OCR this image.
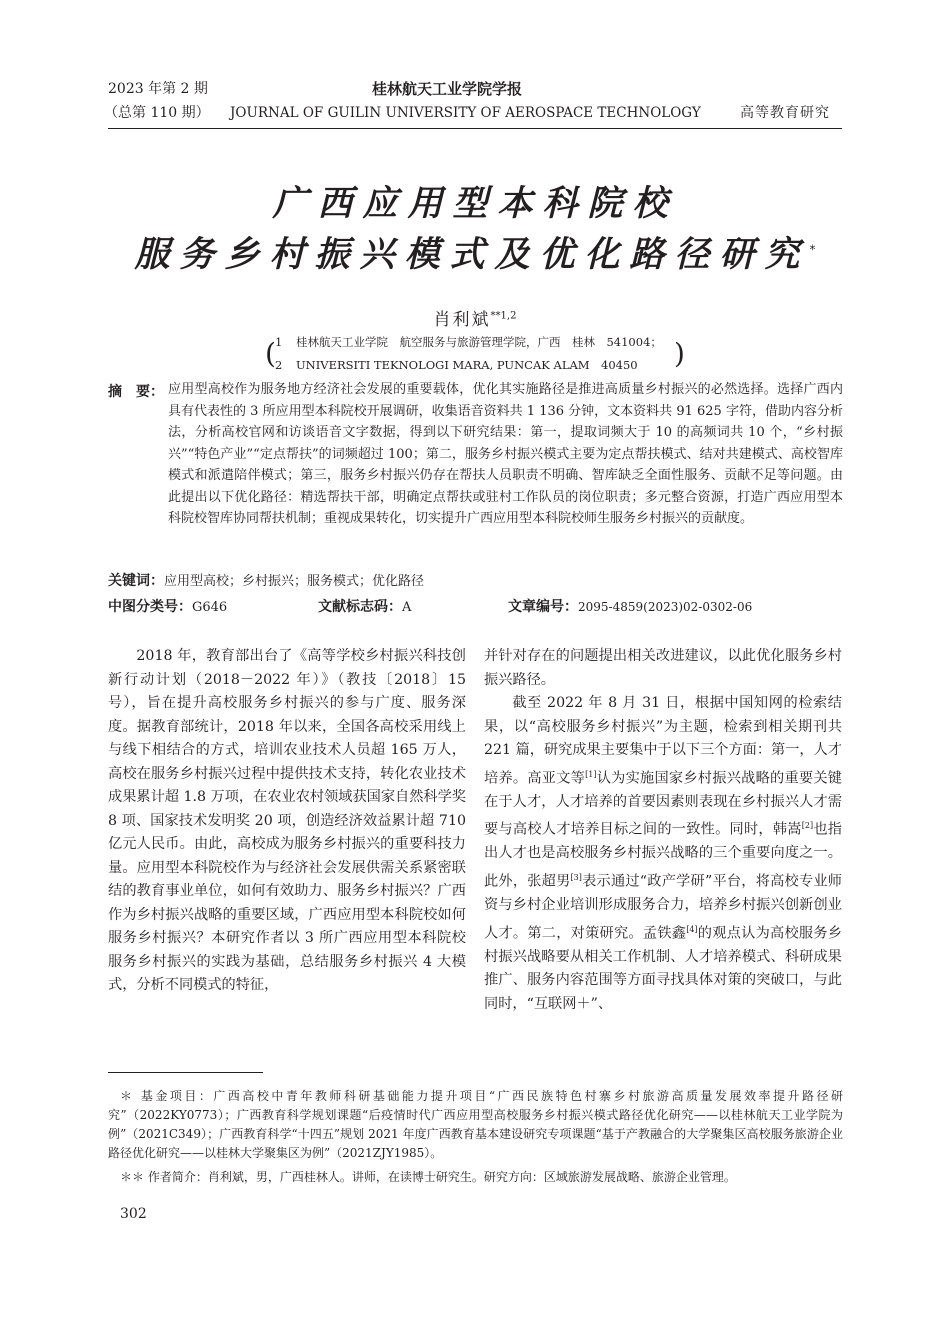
2023 年第 2 期
（总第 110 期）
桂林航天工业学院学报
JOURNAL OF GUILIN UNIVERSITY OF AEROSPACE TECHNOLOGY	高等教育研究
广西应用型本科院校
服务乡村振兴模式及优化路径研究*
肖利斌$^{**1,2}$
( 1 桂林航天工业学院　航空服务与旅游管理学院，广西　桂林　541004；
2 UNIVERSITI TEKNOLOGI MARA, PUNCAK ALAM　40450 )
摘　要： 应用型高校作为服务地方经济社会发展的重要载体，优化其实施路径是推进高质量乡村振兴的必然选择。选择广西内具有代表性的 3 所应用型本科院校开展调研，收集语音资料共 1 136 分钟，文本资料共 91 625 字符，借助内容分析法，分析高校官网和访谈语音文字数据，得到以下研究结果：第一，提取词频大于 10 的高频词共 10 个，“乡村振兴”“特色产业”“定点帮扶”的词频超过 100；第二，服务乡村振兴模式主要为定点帮扶模式、结对共建模式、高校智库模式和派遣陪伴模式；第三，服务乡村振兴仍存在帮扶人员职责不明确、智库缺乏全面性服务、贡献不足等问题。由此提出以下优化路径：精选帮扶干部，明确定点帮扶或驻村工作队员的岗位职责；多元整合资源，打造广西应用型本科院校智库协同帮扶机制；重视成果转化，切实提升广西应用型本科院校师生服务乡村振兴的贡献度。
关键词：应用型高校；乡村振兴；服务模式；优化路径
中图分类号：G646	文献标志码：A	文章编号：2095-4859(2023)02-0302-06

2018 年，教育部出台了《高等学校乡村振兴科技创新行动计划（2018－2022 年）》（教技〔2018〕15 号），旨在提升高校服务乡村振兴的参与广度、服务深度。据教育部统计，2018 年以来，全国各高校采用线上与线下相结合的方式，培训农业技术人员超 165 万人，高校在服务乡村振兴过程中提供技术支持，转化农业技术成果累计超 1.8 万项，在农业农村领域获国家自然科学奖 8 项、国家技术发明奖 20 项，创造经济效益累计超 710 亿元人民币。由此，高校成为服务乡村振兴的重要科技力量。应用型本科院校作为与经济社会发展供需关系紧密联结的教育事业单位，如何有效助力、服务乡村振兴？广西作为乡村振兴战略的重要区域，广西应用型本科院校如何服务乡村振兴？本研究作者以 3 所广西应用型本科院校服务乡村振兴的实践为基础，总结服务乡村振兴 4 大模式，分析不同模式的特征，

并针对存在的问题提出相关改进建议，以此优化服务乡村振兴路径。

截至 2022 年 8 月 31 日，根据中国知网的检索结果，以“高校服务乡村振兴”为主题，检索到相关期刊共 221 篇，研究成果主要集中于以下三个方面：第一，人才培养。高亚文等[1]认为实施国家乡村振兴战略的重要关键在于人才，人才培养的首要因素则表现在乡村振兴人才需要与高校人才培养目标之间的一致性。同时，韩嵩[2]也指出人才也是高校服务乡村振兴战略的三个重要向度之一。此外，张超男[3]表示通过“政产学研”平台，将高校专业师资与乡村企业培训形成服务合力，培养乡村振兴创新创业人才。第二，对策研究。孟铁鑫[4]的观点认为高校服务乡村振兴战略要从相关工作机制、人才培养模式、科研成果推广、服务内容范围等方面寻找具体对策的突破口，与此同时，“互联网＋”、

＊ 基金项目：广西高校中青年教师科研基础能力提升项目“广西民族特色村寨乡村旅游高质量发展效率提升路径研究”（2022KY0773）；广西教育科学规划课题“后疫情时代广西应用型高校服务乡村振兴模式路径优化研究——以桂林航天工业学院为例”（2021C349）；广西教育科学“十四五”规划 2021 年度广西教育基本建设研究专项课题“基于产教融合的大学聚集区高校服务旅游企业路径优化研究——以桂林大学聚集区为例”（2021ZJY1985）。

＊＊ 作者简介：肖利斌，男，广西桂林人。讲师，在读博士研究生。研究方向：区域旅游发展战略、旅游企业管理。

302
